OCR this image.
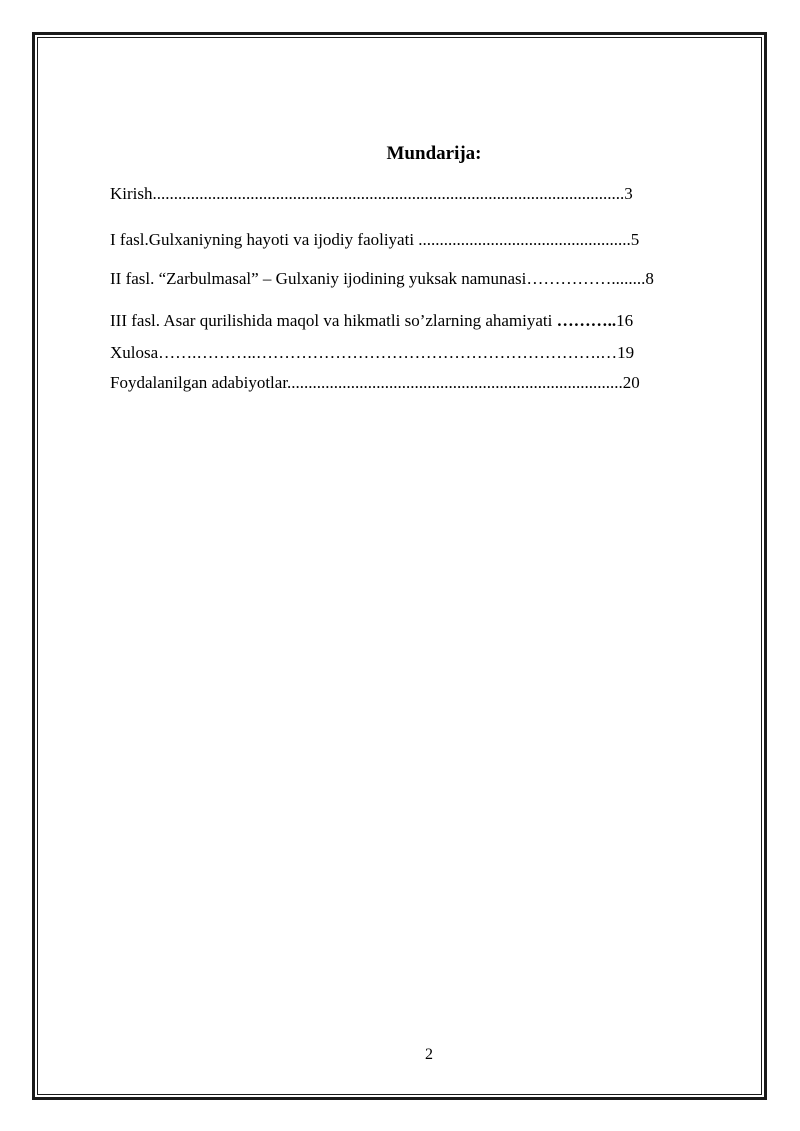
Mundarija:
Kirish...............................................................................................................3
I fasl.Gulxaniyning hayoti va ijodiy faoliyati ..................................................5
II fasl. “Zarbulmasal” – Gulxaniy ijodining yuksak namunasi……………........8
III fasl. Asar qurilishida maqol va hikmatli so’zlarning ahamiyati ………..16
Xulosa…….………..…………………………………………………….…19
Foydalanilgan adabiyotlar...............................................................................20
2
